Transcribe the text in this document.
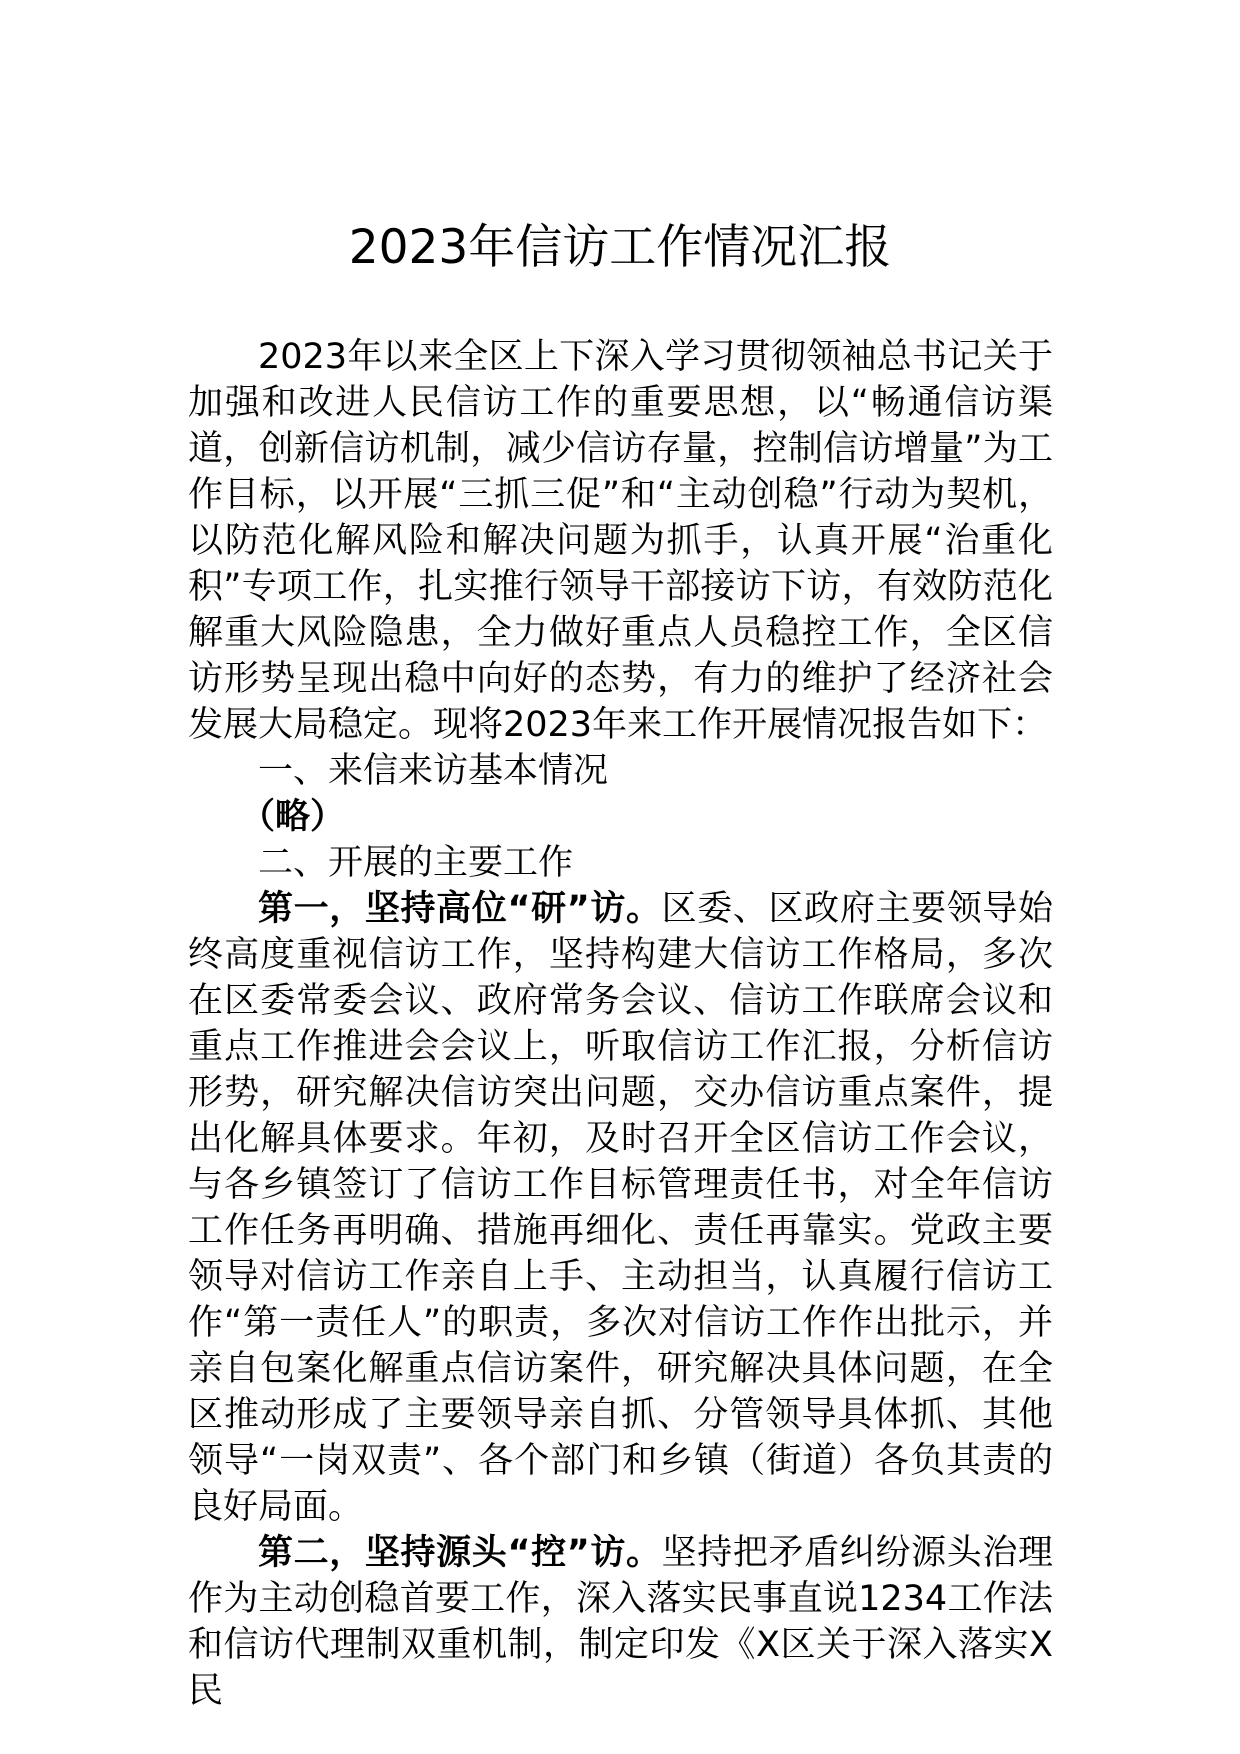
2023年信访工作情况汇报

2023年以来全区上下深入学习贯彻领袖总书记关于加强和改进人民信访工作的重要思想，以“畅通信访渠道，创新信访机制，减少信访存量，控制信访增量”为工作目标，以开展“三抓三促”和“主动创稳”行动为契机，以防范化解风险和解决问题为抓手，认真开展“治重化积”专项工作，扎实推行领导干部接访下访，有效防范化解重大风险隐患，全力做好重点人员稳控工作，全区信访形势呈现出稳中向好的态势，有力的维护了经济社会发展大局稳定。现将2023年来工作开展情况报告如下：

一、来信来访基本情况

（略）

二、开展的主要工作

第一，坚持高位“研”访。区委、区政府主要领导始终高度重视信访工作，坚持构建大信访工作格局，多次在区委常委会议、政府常务会议、信访工作联席会议和重点工作推进会会议上，听取信访工作汇报，分析信访形势，研究解决信访突出问题，交办信访重点案件，提出化解具体要求。年初，及时召开全区信访工作会议，与各乡镇签订了信访工作目标管理责任书，对全年信访工作任务再明确、措施再细化、责任再靠实。党政主要领导对信访工作亲自上手、主动担当，认真履行信访工作“第一责任人”的职责，多次对信访工作作出批示，并亲自包案化解重点信访案件，研究解决具体问题，在全区推动形成了主要领导亲自抓、分管领导具体抓、其他领导“一岗双责”、各个部门和乡镇（街道）各负其责的良好局面。

第二，坚持源头“控”访。坚持把矛盾纠纷源头治理作为主动创稳首要工作，深入落实民事直说1234工作法和信访代理制双重机制，制定印发《X区关于深入落实X民
